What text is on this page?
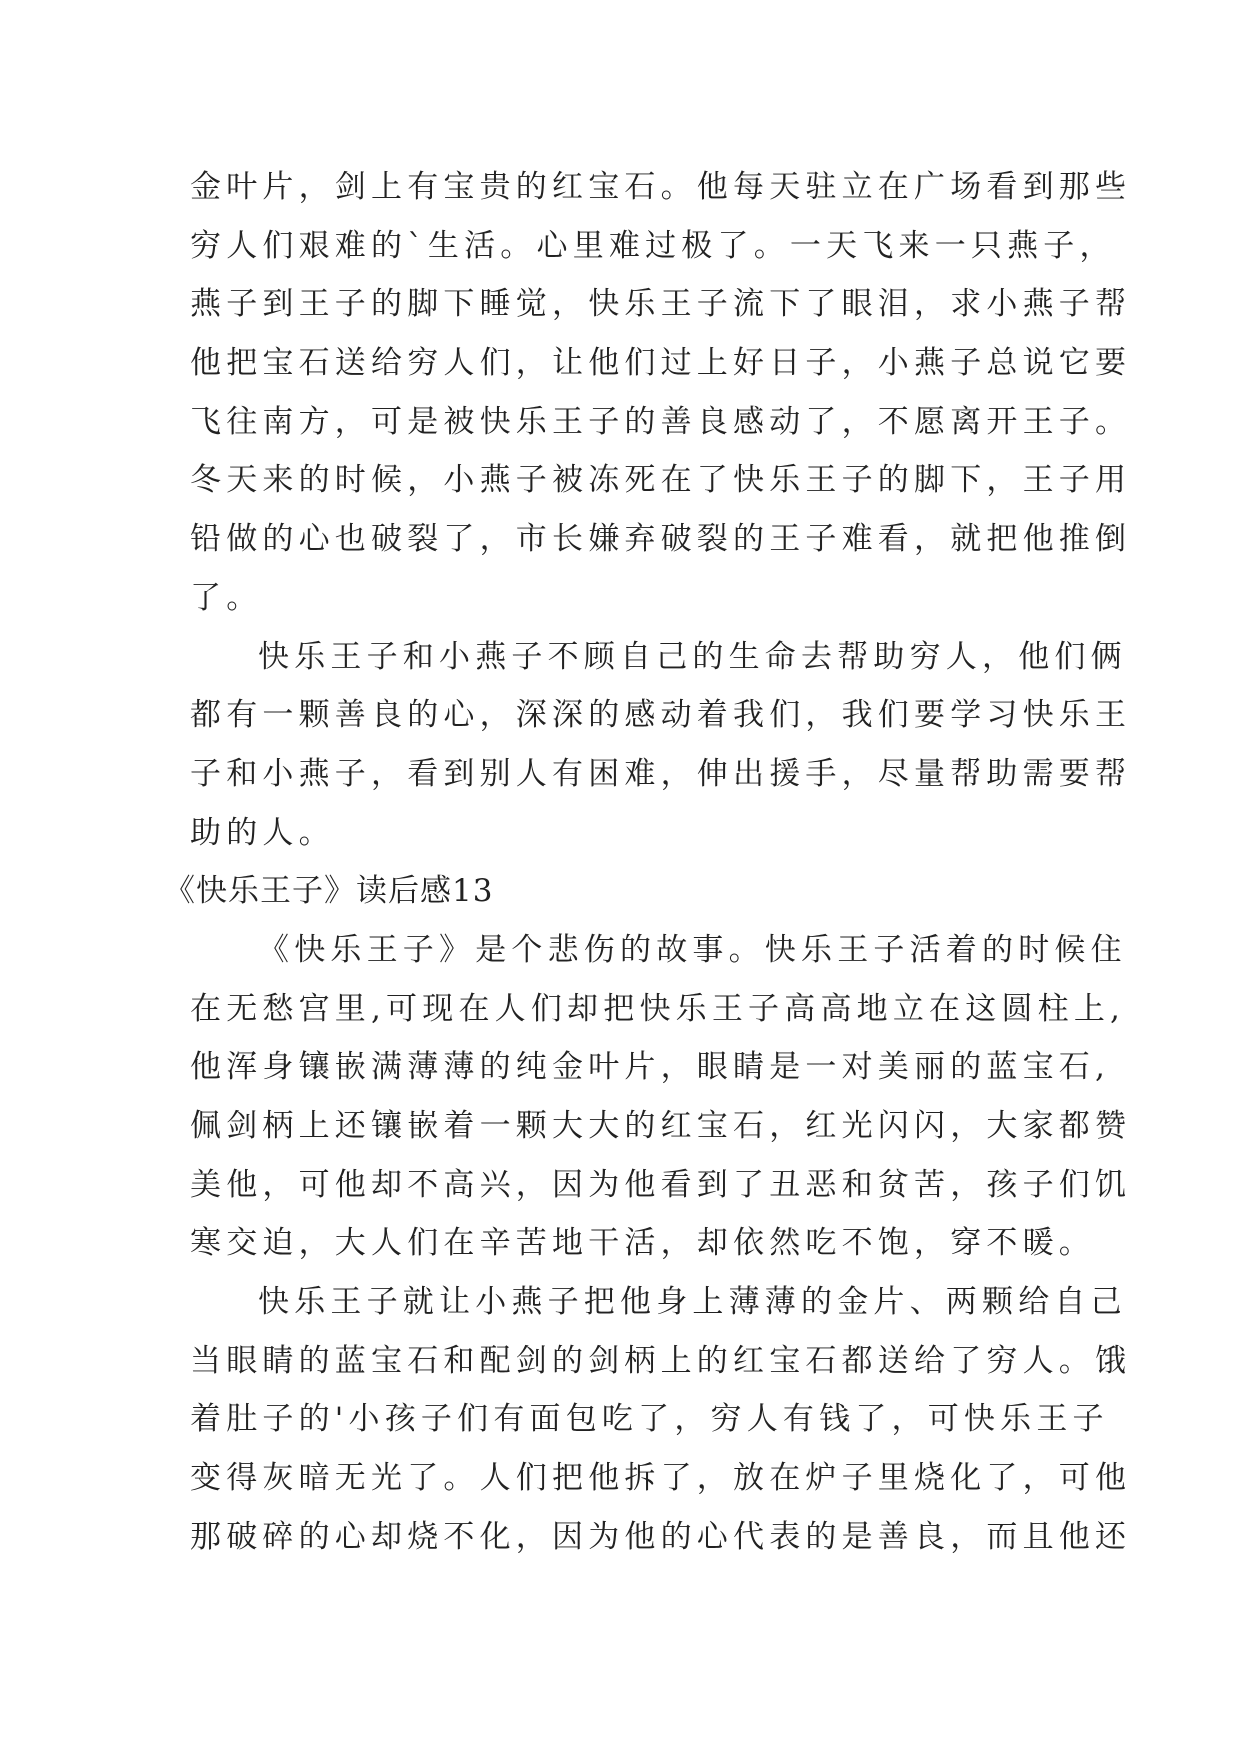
金叶片，剑上有宝贵的红宝石。他每天驻立在广场看到那些
穷人们艰难的`生活。心里难过极了。一天飞来一只燕子，
燕子到王子的脚下睡觉，快乐王子流下了眼泪，求小燕子帮
他把宝石送给穷人们，让他们过上好日子，小燕子总说它要
飞往南方，可是被快乐王子的善良感动了，不愿离开王子。
冬天来的时候，小燕子被冻死在了快乐王子的脚下，王子用
铅做的心也破裂了，市长嫌弃破裂的王子难看，就把他推倒
了。
快乐王子和小燕子不顾自己的生命去帮助穷人，他们俩
都有一颗善良的心，深深的感动着我们，我们要学习快乐王
子和小燕子，看到别人有困难，伸出援手，尽量帮助需要帮
助的人。
《快乐王子》读后感13
《快乐王子》是个悲伤的故事。快乐王子活着的时候住
在无愁宫里,可现在人们却把快乐王子高高地立在这圆柱上,
他浑身镶嵌满薄薄的纯金叶片，眼睛是一对美丽的蓝宝石,
佩剑柄上还镶嵌着一颗大大的红宝石，红光闪闪，大家都赞
美他，可他却不高兴，因为他看到了丑恶和贫苦，孩子们饥
寒交迫，大人们在辛苦地干活，却依然吃不饱，穿不暖。
快乐王子就让小燕子把他身上薄薄的金片、两颗给自己
当眼睛的蓝宝石和配剑的剑柄上的红宝石都送给了穷人。饿
着肚子的'小孩子们有面包吃了，穷人有钱了，可快乐王子
变得灰暗无光了。人们把他拆了，放在炉子里烧化了，可他
那破碎的心却烧不化，因为他的心代表的是善良，而且他还
